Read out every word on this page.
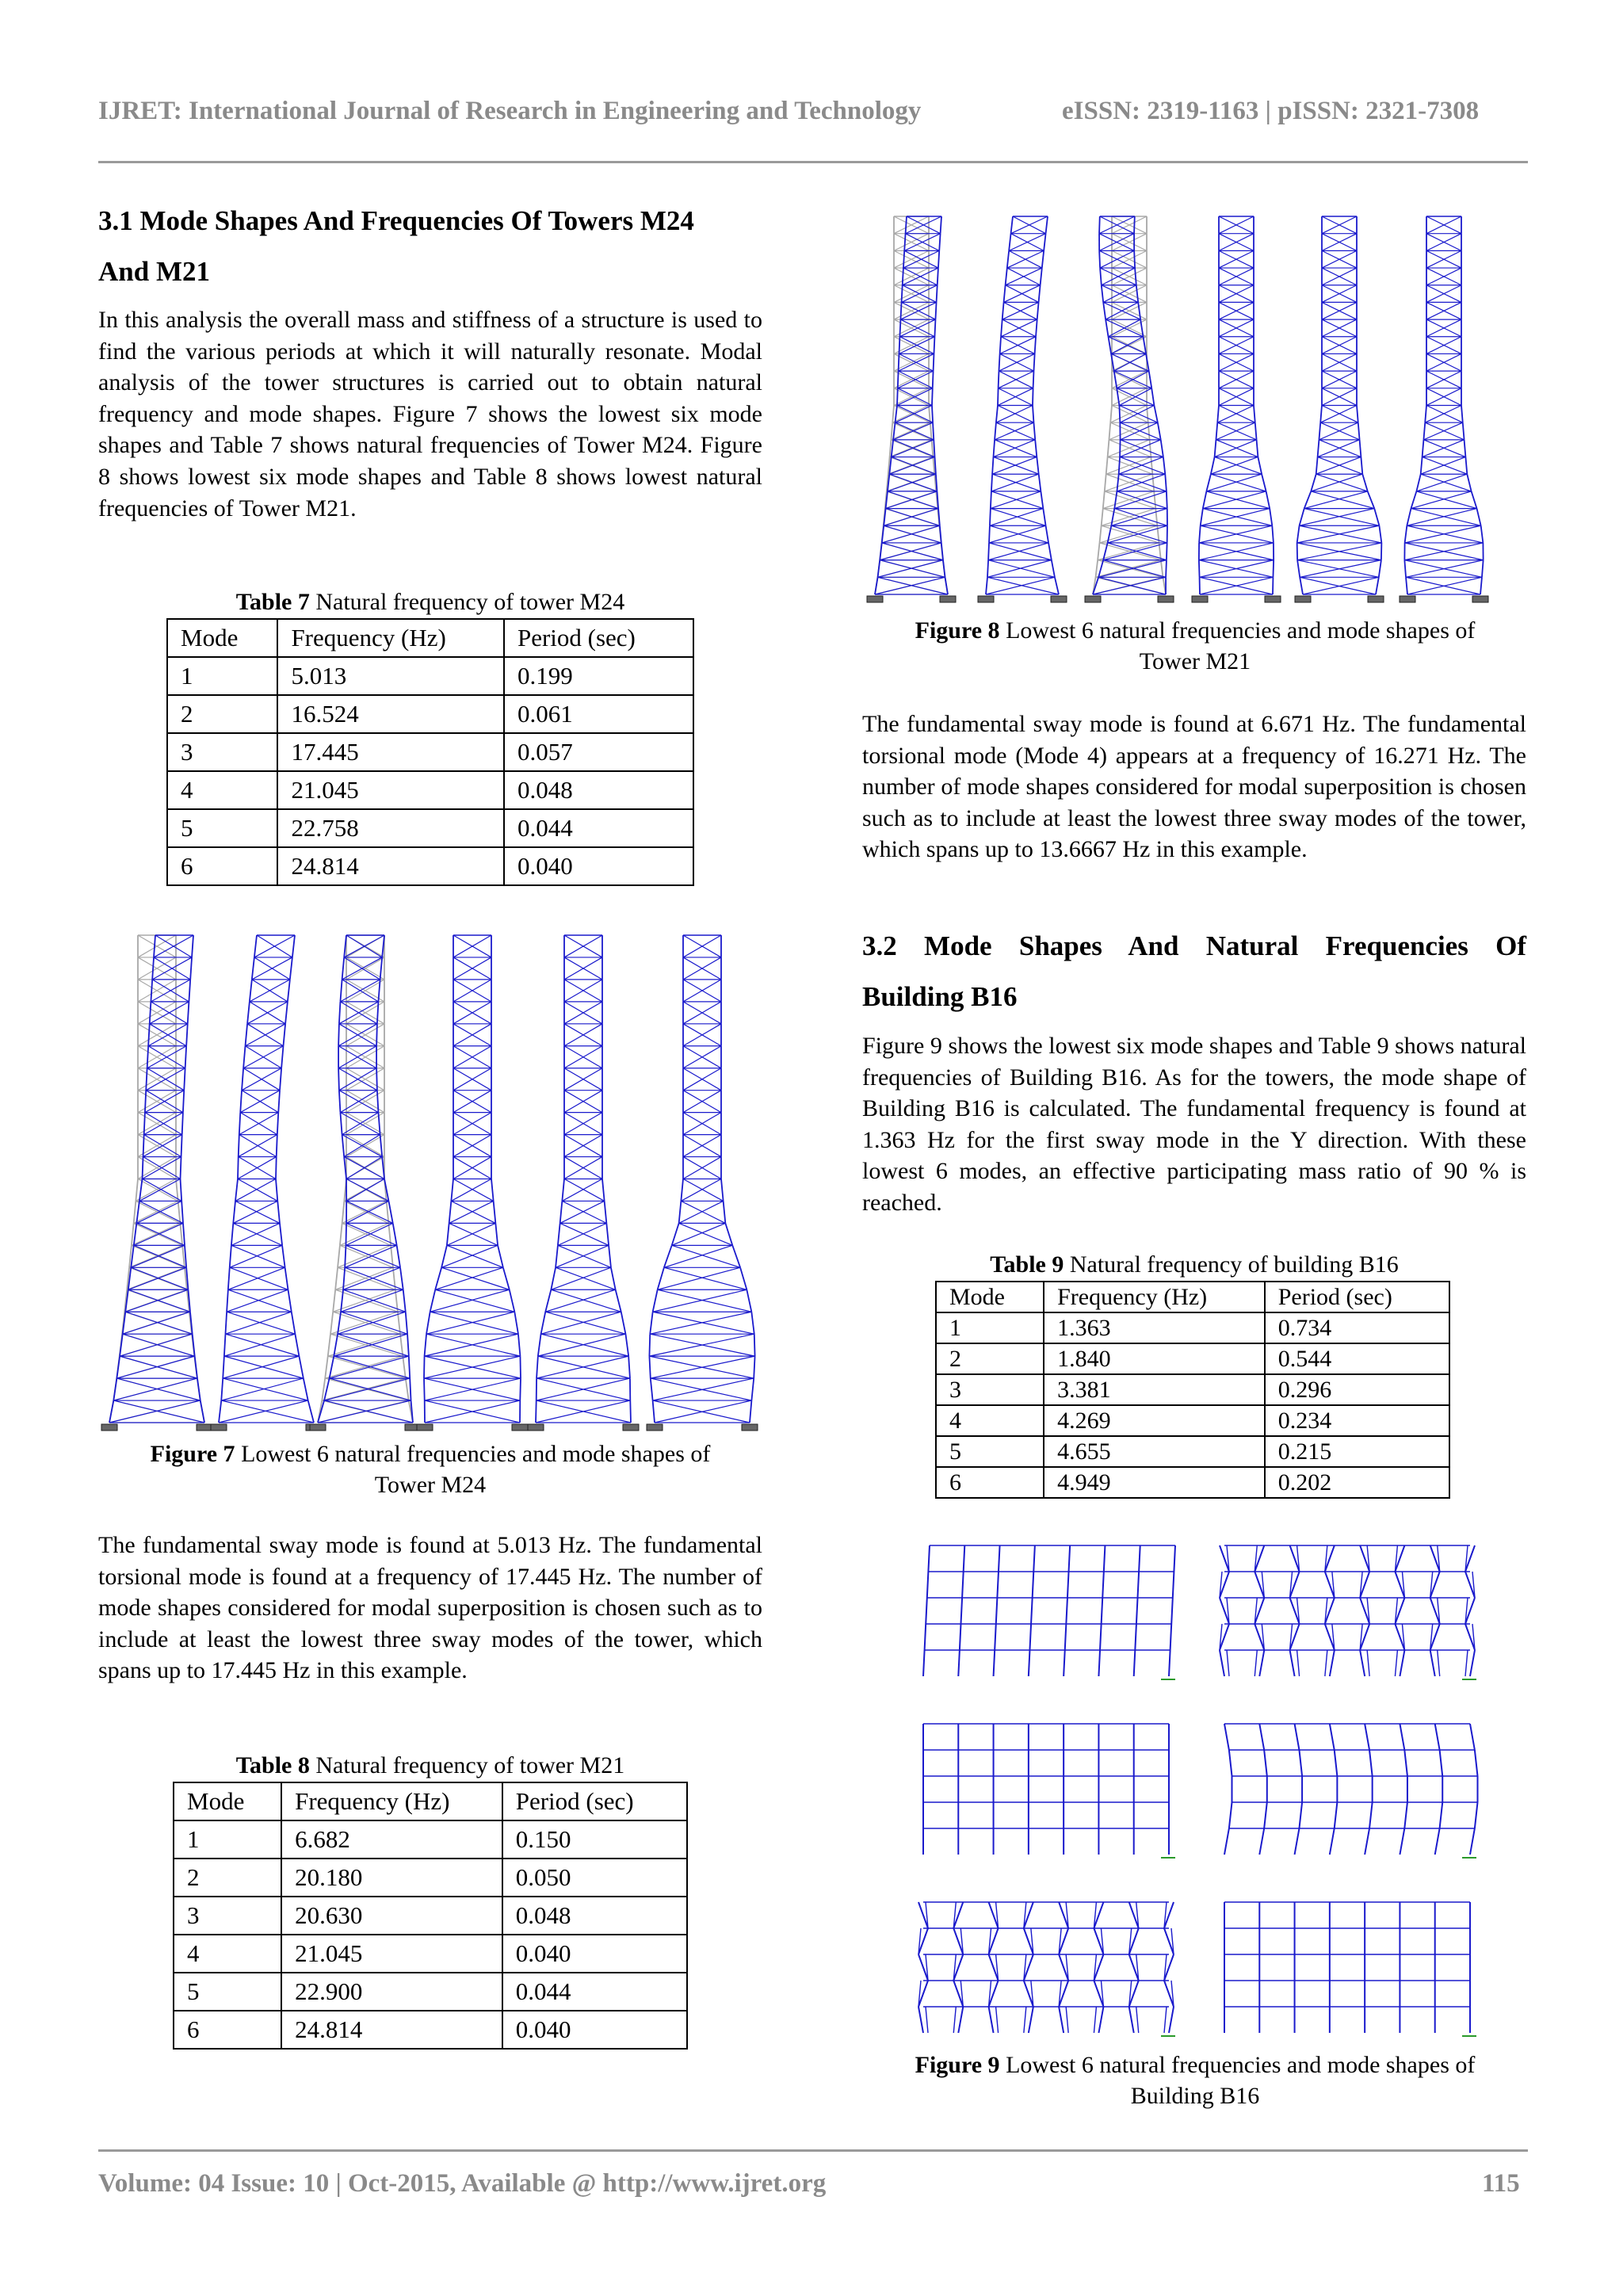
IJRET: International Journal of Research in Engineering and Technology	eISSN: 2319-1163 | pISSN: 2321-7308
3.1 Mode Shapes And Frequencies Of Towers M24
And M21

In this analysis the overall mass and stiffness of a structure is used to find the various periods at which it will naturally resonate. Modal analysis of the tower structures is carried out to obtain natural frequency and mode shapes. Figure 7 shows the lowest six mode shapes and Table 7 shows natural frequencies of Tower M24. Figure 8 shows lowest six mode shapes and Table 8 shows lowest natural frequencies of Tower M21.

Table 7 Natural frequency of tower M24
Mode	Frequency (Hz)	Period (sec)
1	5.013	0.199
2	16.524	0.061
3	17.445	0.057
4	21.045	0.048
5	22.758	0.044
6	24.814	0.040
Figure 7 Lowest 6 natural frequencies and mode shapes of
Tower M24

The fundamental sway mode is found at 5.013 Hz. The fundamental torsional mode is found at a frequency of 17.445 Hz. The number of mode shapes considered for modal superposition is chosen such as to include at least the lowest three sway modes of the tower, which spans up to 17.445 Hz in this example.

Table 8 Natural frequency of tower M21
Mode	Frequency (Hz)	Period (sec)
1	6.682	0.150
2	20.180	0.050
3	20.630	0.048
4	21.045	0.040
5	22.900	0.044
6	24.814	0.040
Figure 8 Lowest 6 natural frequencies and mode shapes of
Tower M21

The fundamental sway mode is found at 6.671 Hz. The fundamental torsional mode (Mode 4) appears at a frequency of 16.271 Hz. The number of mode shapes considered for modal superposition is chosen such as to include at least the lowest three sway modes of the tower, which spans up to 13.6667 Hz in this example.

3.2 Mode Shapes And Natural Frequencies Of
Building B16

Figure 9 shows the lowest six mode shapes and Table 9 shows natural frequencies of Building B16. As for the towers, the mode shape of Building B16 is calculated. The fundamental frequency is found at 1.363 Hz for the first sway mode in the Y direction. With these lowest 6 modes, an effective participating mass ratio of 90 % is reached.

Table 9 Natural frequency of building B16
Mode	Frequency (Hz)	Period (sec)
1	1.363	0.734
2	1.840	0.544
3	3.381	0.296
4	4.269	0.234
5	4.655	0.215
6	4.949	0.202
Figure 9 Lowest 6 natural frequencies and mode shapes of
Building B16
Volume: 04 Issue: 10 | Oct-2015, Available @ http://www.ijret.org	115
